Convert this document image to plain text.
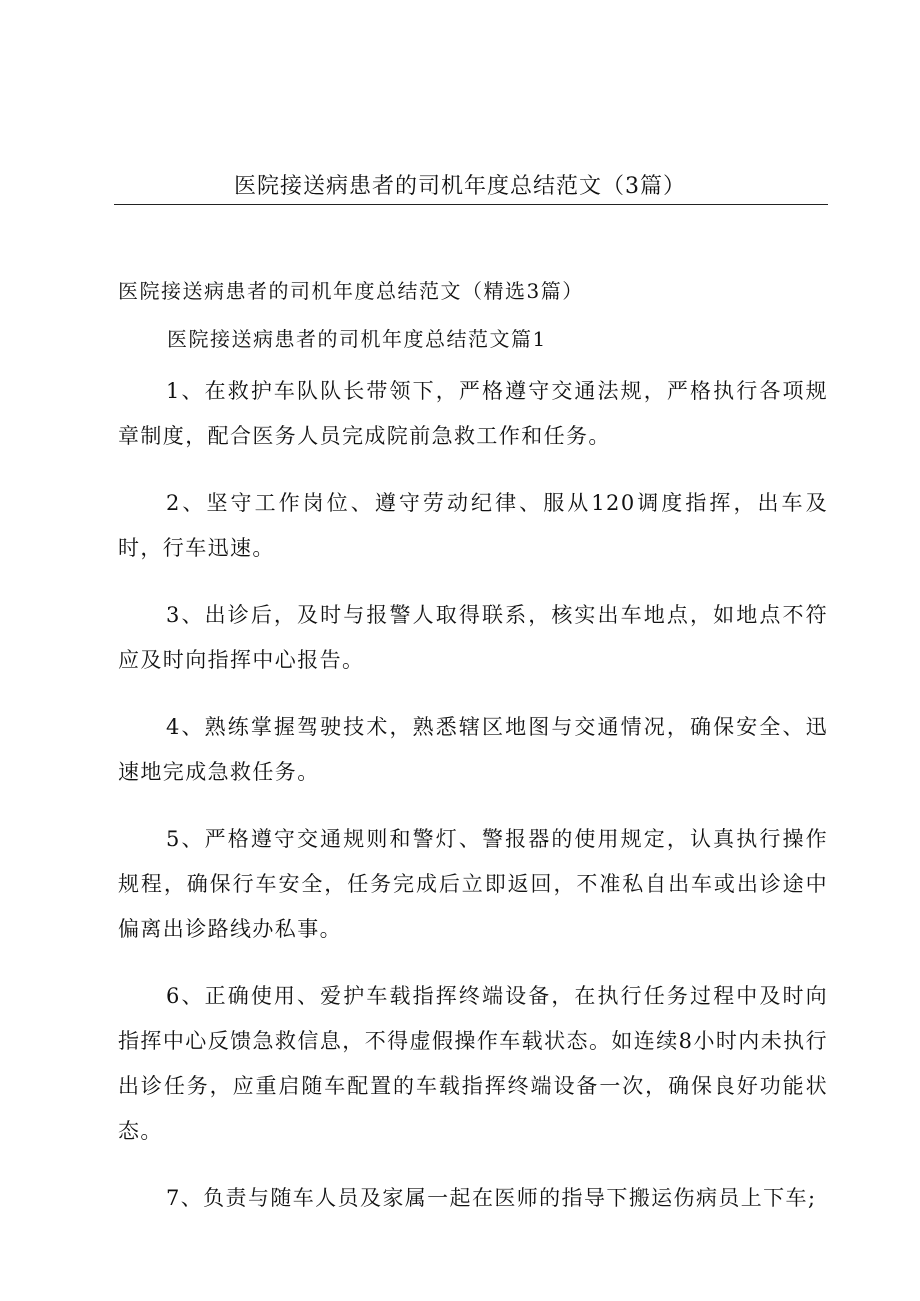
医院接送病患者的司机年度总结范文（3篇）

医院接送病患者的司机年度总结范文（精选3篇）

医院接送病患者的司机年度总结范文篇1

1、在救护车队队长带领下，严格遵守交通法规，严格执行各项规章制度，配合医务人员完成院前急救工作和任务。

2、坚守工作岗位、遵守劳动纪律、服从120调度指挥，出车及时，行车迅速。

3、出诊后，及时与报警人取得联系，核实出车地点，如地点不符应及时向指挥中心报告。

4、熟练掌握驾驶技术，熟悉辖区地图与交通情况，确保安全、迅速地完成急救任务。

5、严格遵守交通规则和警灯、警报器的使用规定，认真执行操作规程，确保行车安全，任务完成后立即返回，不准私自出车或出诊途中偏离出诊路线办私事。

6、正确使用、爱护车载指挥终端设备，在执行任务过程中及时向指挥中心反馈急救信息，不得虚假操作车载状态。如连续8小时内未执行出诊任务，应重启随车配置的车载指挥终端设备一次，确保良好功能状态。

7、负责与随车人员及家属一起在医师的指导下搬运伤病员上下车;
